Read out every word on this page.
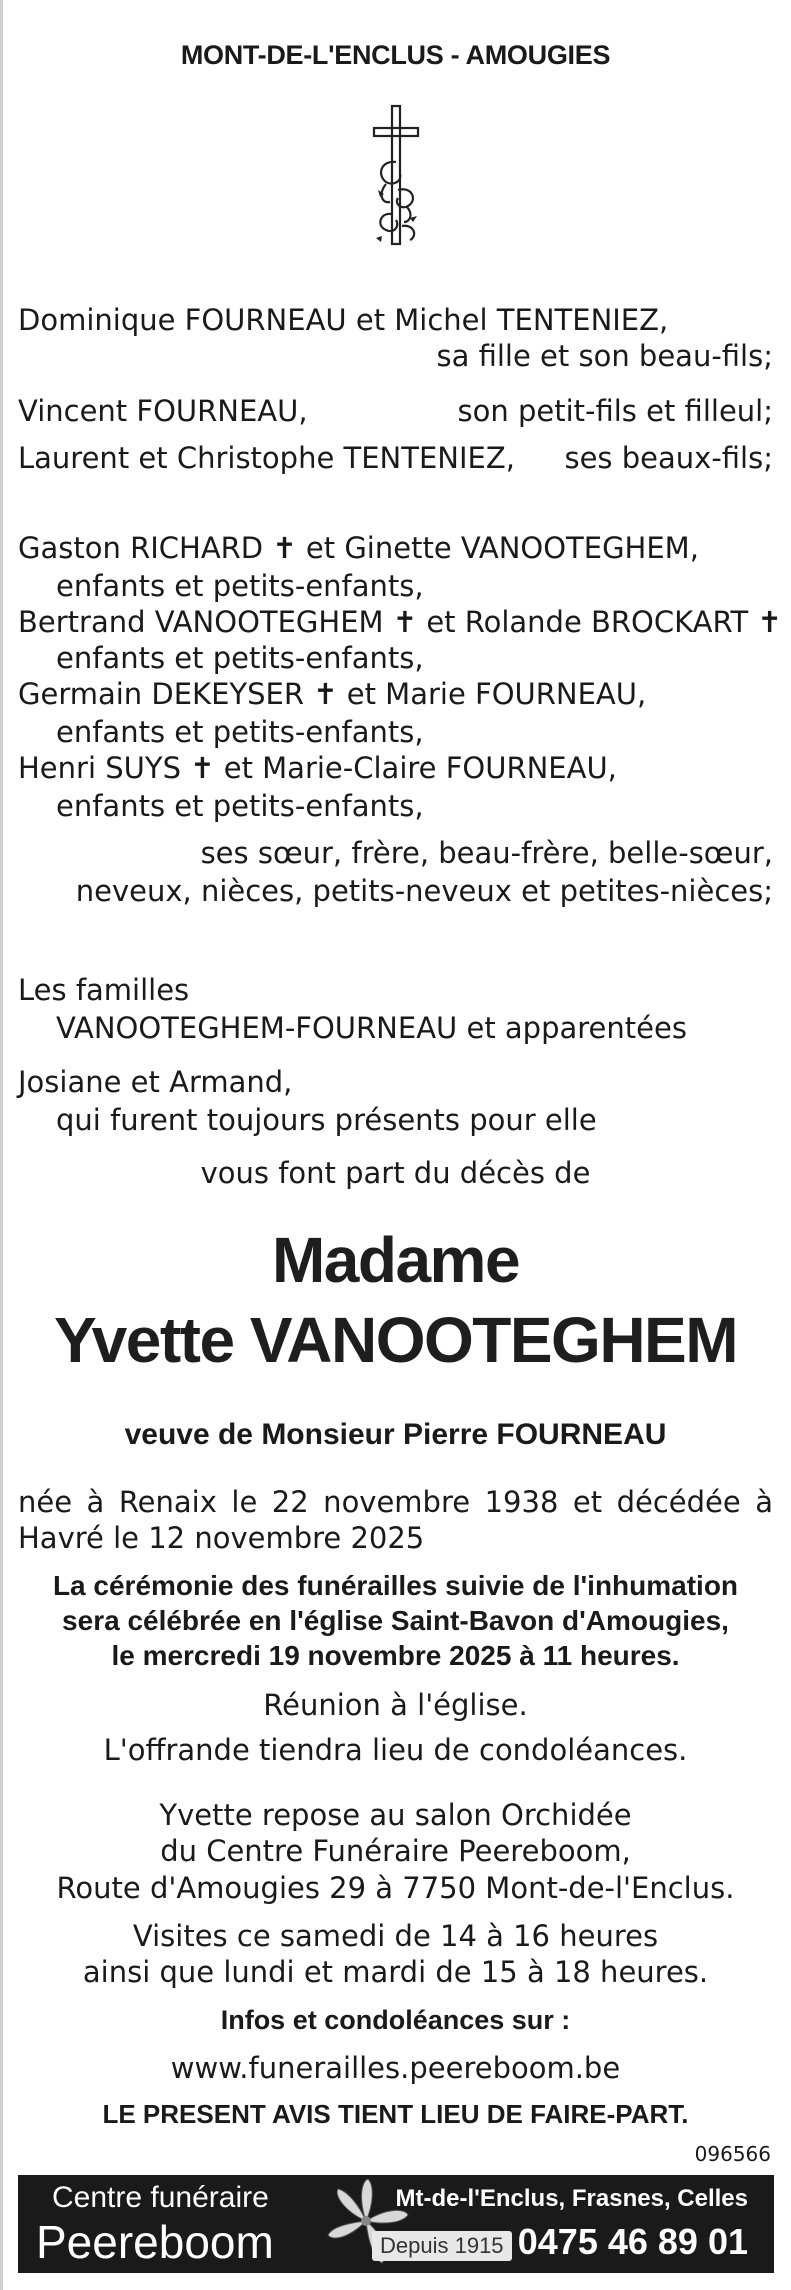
MONT-DE-L'ENCLUS - AMOUGIES
Dominique FOURNEAU et Michel TENTENIEZ,
sa fille et son beau-fils;
Vincent FOURNEAU,	son petit-fils et filleul;
Laurent et Christophe TENTENIEZ,	ses beaux-fils;
Gaston RICHARD ✝ et Ginette VANOOTEGHEM,
enfants et petits-enfants,
Bertrand VANOOTEGHEM ✝ et Rolande BROCKART ✝
enfants et petits-enfants,
Germain DEKEYSER ✝ et Marie FOURNEAU,
enfants et petits-enfants,
Henri SUYS ✝ et Marie-Claire FOURNEAU,
enfants et petits-enfants,
ses sœur, frère, beau-frère, belle-sœur,
neveux, nièces, petits-neveux et petites-nièces;
Les familles
VANOOTEGHEM-FOURNEAU et apparentées
Josiane et Armand,
qui furent toujours présents pour elle
vous font part du décès de
Madame
Yvette VANOOTEGHEM
veuve de Monsieur Pierre FOURNEAU
née à Renaix le 22 novembre 1938 et décédée à
Havré le 12 novembre 2025
La cérémonie des funérailles suivie de l'inhumation
sera célébrée en l'église Saint-Bavon d'Amougies,
le mercredi 19 novembre 2025 à 11 heures.
Réunion à l'église.
L'offrande tiendra lieu de condoléances.
Yvette repose au salon Orchidée
du Centre Funéraire Peereboom,
Route d'Amougies 29 à 7750 Mont-de-l'Enclus.
Visites ce samedi de 14 à 16 heures
ainsi que lundi et mardi de 15 à 18 heures.
Infos et condoléances sur :
www.funerailles.peereboom.be
LE PRESENT AVIS TIENT LIEU DE FAIRE-PART.
096566
Centre funéraire
Peereboom	Depuis 1915
Mt-de-l'Enclus, Frasnes, Celles
0475 46 89 01
